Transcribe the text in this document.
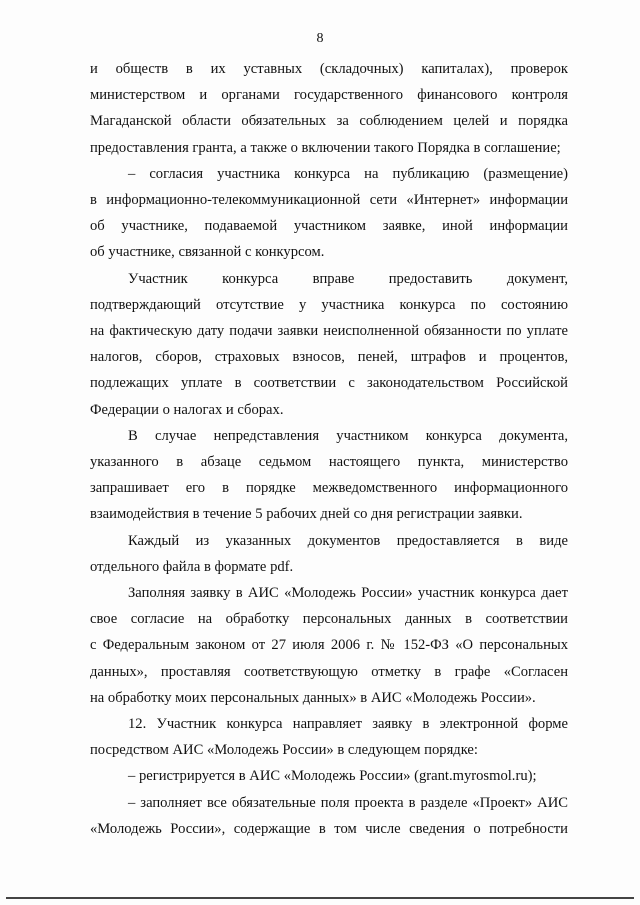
8
и обществ в их уставных (складочных) капиталах), проверок
министерством и органами государственного финансового контроля
Магаданской области обязательных за соблюдением целей и порядка
предоставления гранта, а также о включении такого Порядка в соглашение;
– согласия участника конкурса на публикацию (размещение)
в информационно-телекоммуникационной сети «Интернет» информации
об участнике, подаваемой участником заявке, иной информации
об участнике, связанной с конкурсом.
Участник конкурса вправе предоставить документ,
подтверждающий отсутствие у участника конкурса по состоянию
на фактическую дату подачи заявки неисполненной обязанности по уплате
налогов, сборов, страховых взносов, пеней, штрафов и процентов,
подлежащих уплате в соответствии с законодательством Российской
Федерации о налогах и сборах.
В случае непредставления участником конкурса документа,
указанного в абзаце седьмом настоящего пункта, министерство
запрашивает его в порядке межведомственного информационного
взаимодействия в течение 5 рабочих дней со дня регистрации заявки.
Каждый из указанных документов предоставляется в виде
отдельного файла в формате pdf.
Заполняя заявку в АИС «Молодежь России» участник конкурса дает
свое согласие на обработку персональных данных в соответствии
с Федеральным законом от 27 июля 2006 г. № 152-ФЗ «О персональных
данных», проставляя соответствующую отметку в графе «Согласен
на обработку моих персональных данных» в АИС «Молодежь России».
12. Участник конкурса направляет заявку в электронной форме
посредством АИС «Молодежь России» в следующем порядке:
– регистрируется в АИС «Молодежь России» (grant.myrosmol.ru);
– заполняет все обязательные поля проекта в разделе «Проект» АИС
«Молодежь России», содержащие в том числе сведения о потребности
